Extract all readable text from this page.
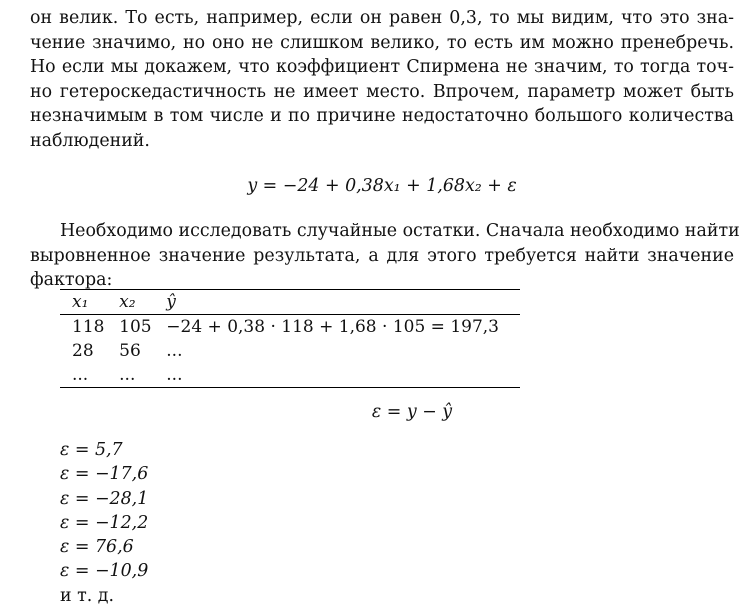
он велик. То есть, например, если он равен 0,3, то мы видим, что это зна-
чение значимо, но оно не слишком велико, то есть им можно пренебречь.
Но если мы докажем, что коэффициент Спирмена не значим, то тогда точ-
но гетероскедастичность не имеет место. Впрочем, параметр может быть
незначимым в том числе и по причине недостаточно большого количества
наблюдений.
y = −24 + 0,38x₁ + 1,68x₂ + ε
Необходимо исследовать случайные остатки. Сначала необходимо найти
выровненное значение результата, а для этого требуется найти значение
фактора:
x₁	x₂	ŷ
118	105	−24 + 0,38 · 118 + 1,68 · 105 = 197,3
28	56	...
...	...	...
ε = y − ŷ
ε = 5,7
ε = −17,6
ε = −28,1
ε = −12,2
ε = 76,6
ε = −10,9
и т. д.
